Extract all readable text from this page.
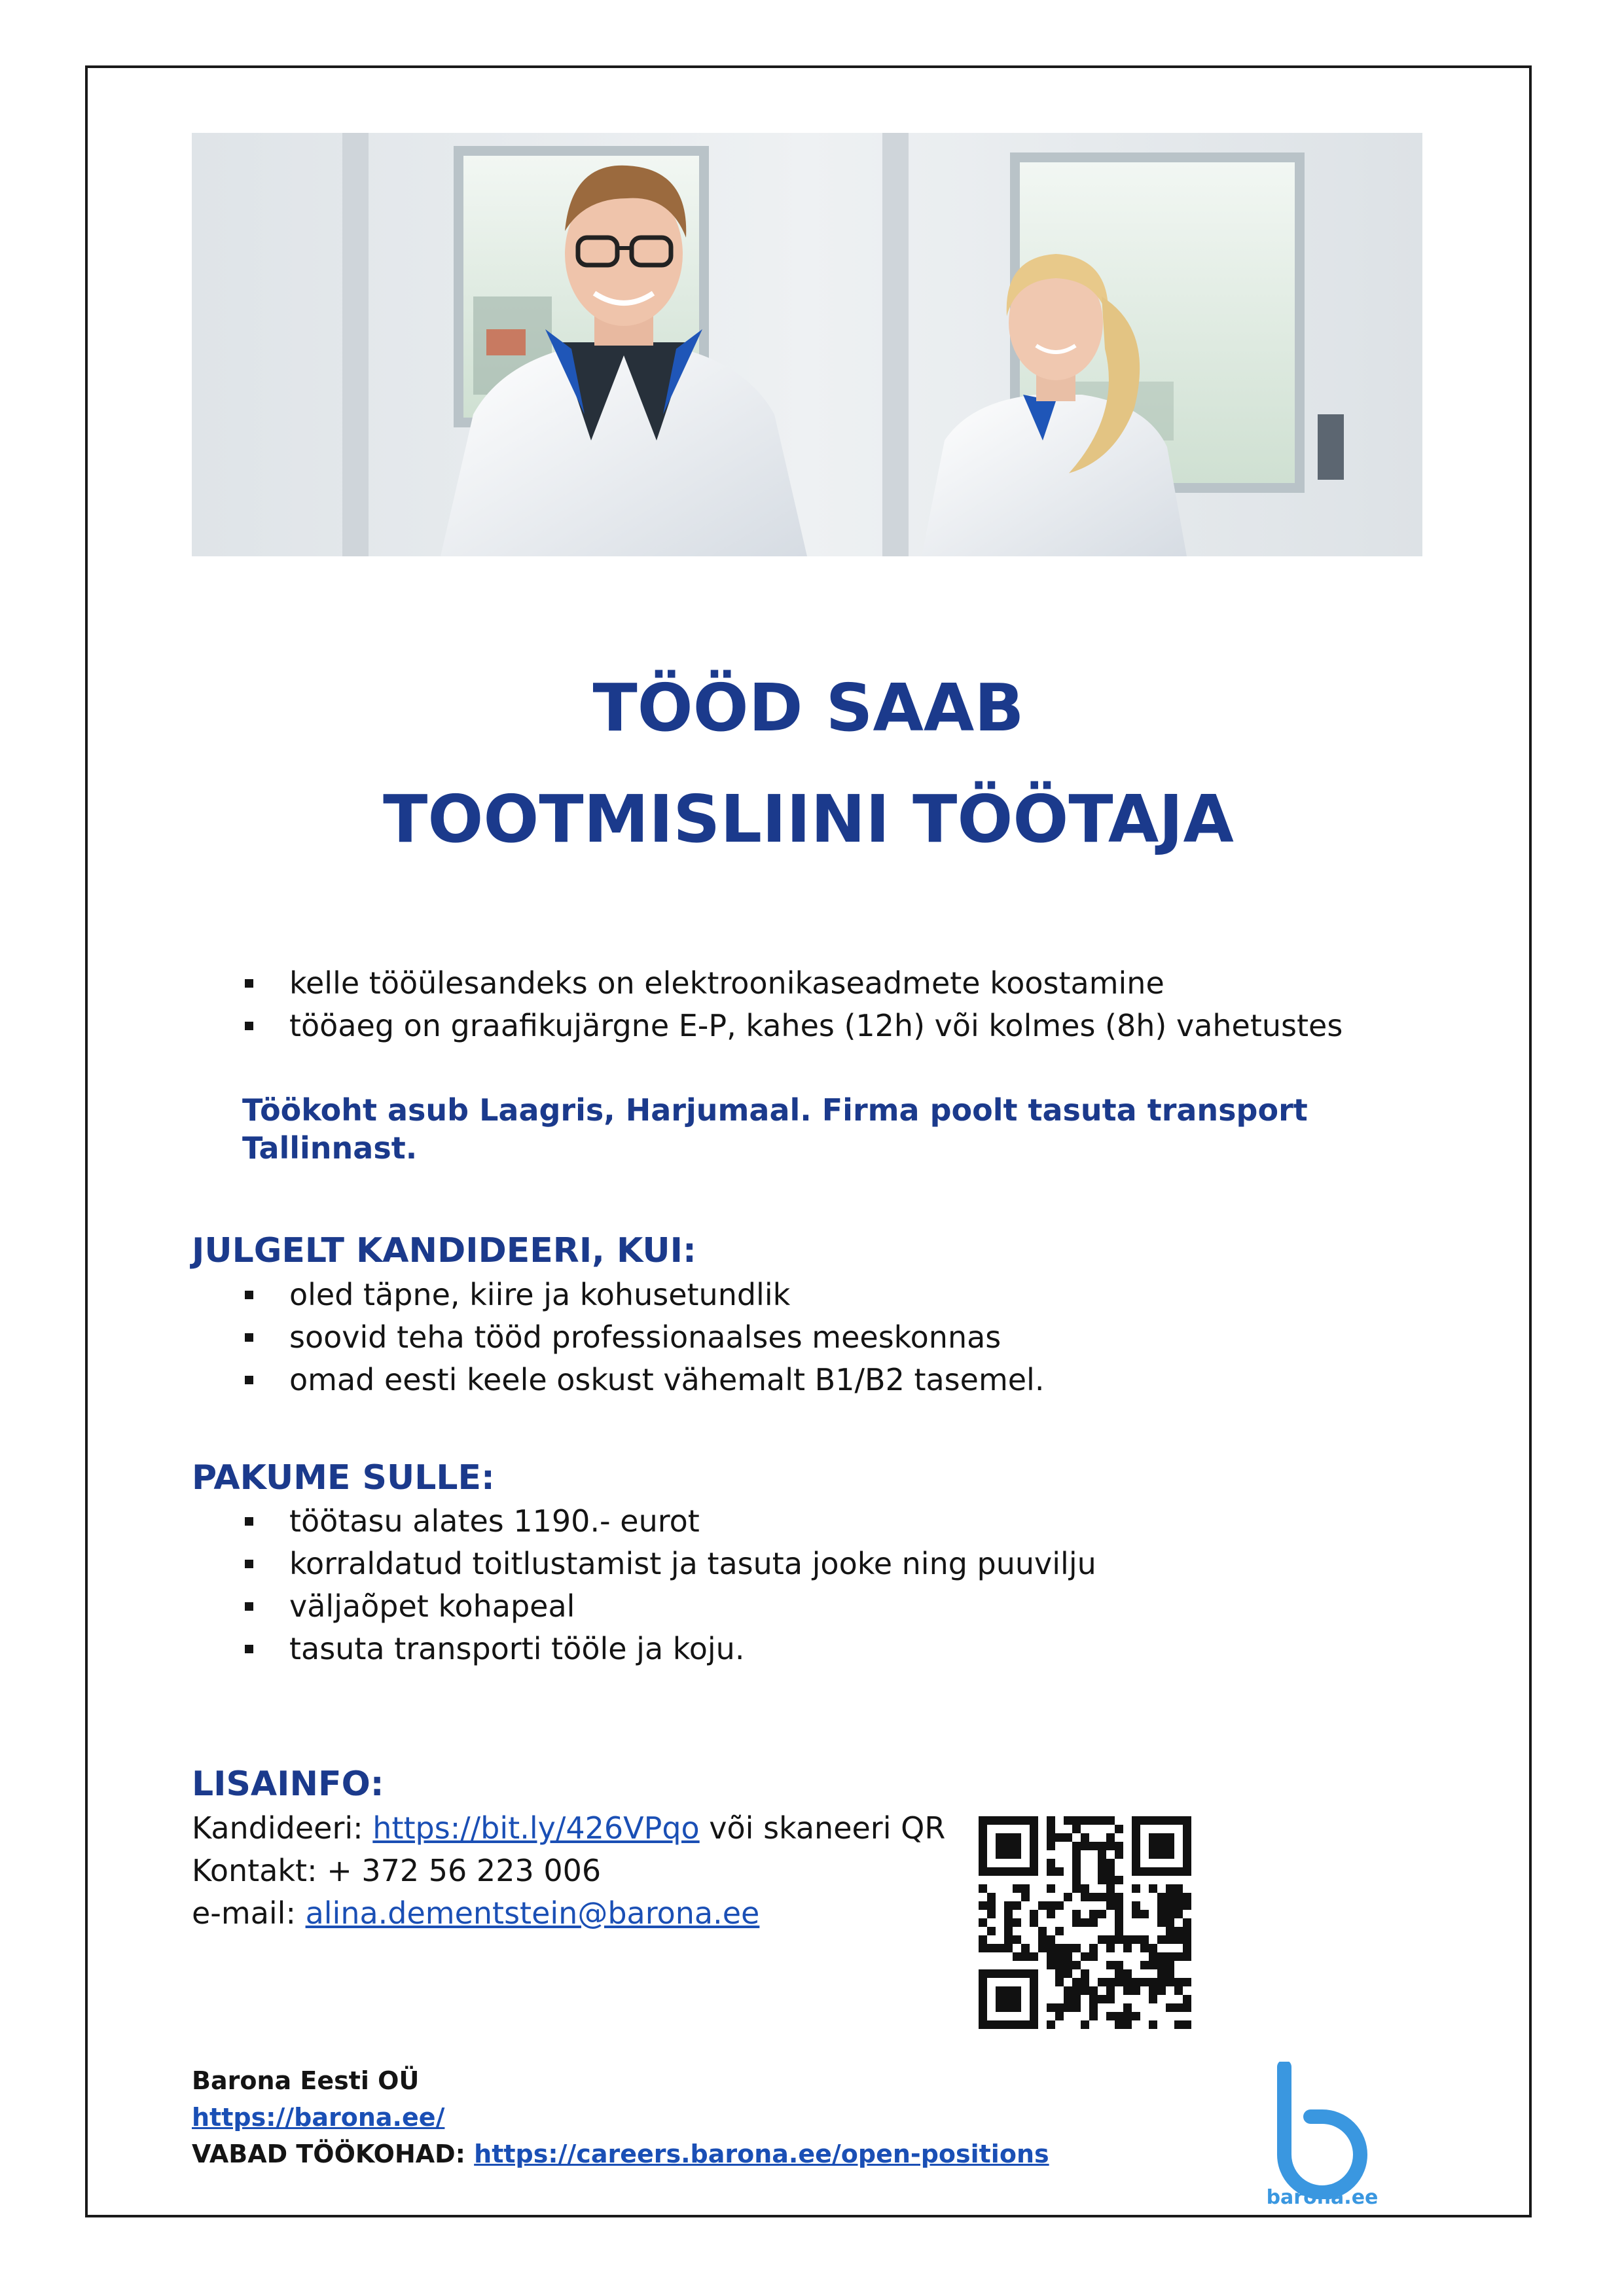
TÖÖD SAAB
TOOTMISLIINI TÖÖTAJA
kelle tööülesandeks on elektroonikaseadmete koostamine
tööaeg on graafikujärgne E-P, kahes (12h) või kolmes (8h) vahetustes

Töökoht asub Laagris, Harjumaal. Firma poolt tasuta transport
Tallinnast.

JULGELT KANDIDEERI, KUI:
oled täpne, kiire ja kohusetundlik
soovid teha tööd professionaalses meeskonnas
omad eesti keele oskust vähemalt B1/B2 tasemel.
PAKUME SULLE:
töötasu alates 1190.- eurot
korraldatud toitlustamist ja tasuta jooke ning puuvilju
väljaõpet kohapeal
tasuta transporti tööle ja koju.
LISAINFO:

Kandideeri: https://bit.ly/426VPqo või skaneeri QR

Kontakt: + 372 56 223 006

e-mail: alina.dementstein@barona.ee

Barona Eesti OÜ

https://barona.ee/

VABAD TÖÖKOHAD: https://careers.barona.ee/open-positions

barona.ee
